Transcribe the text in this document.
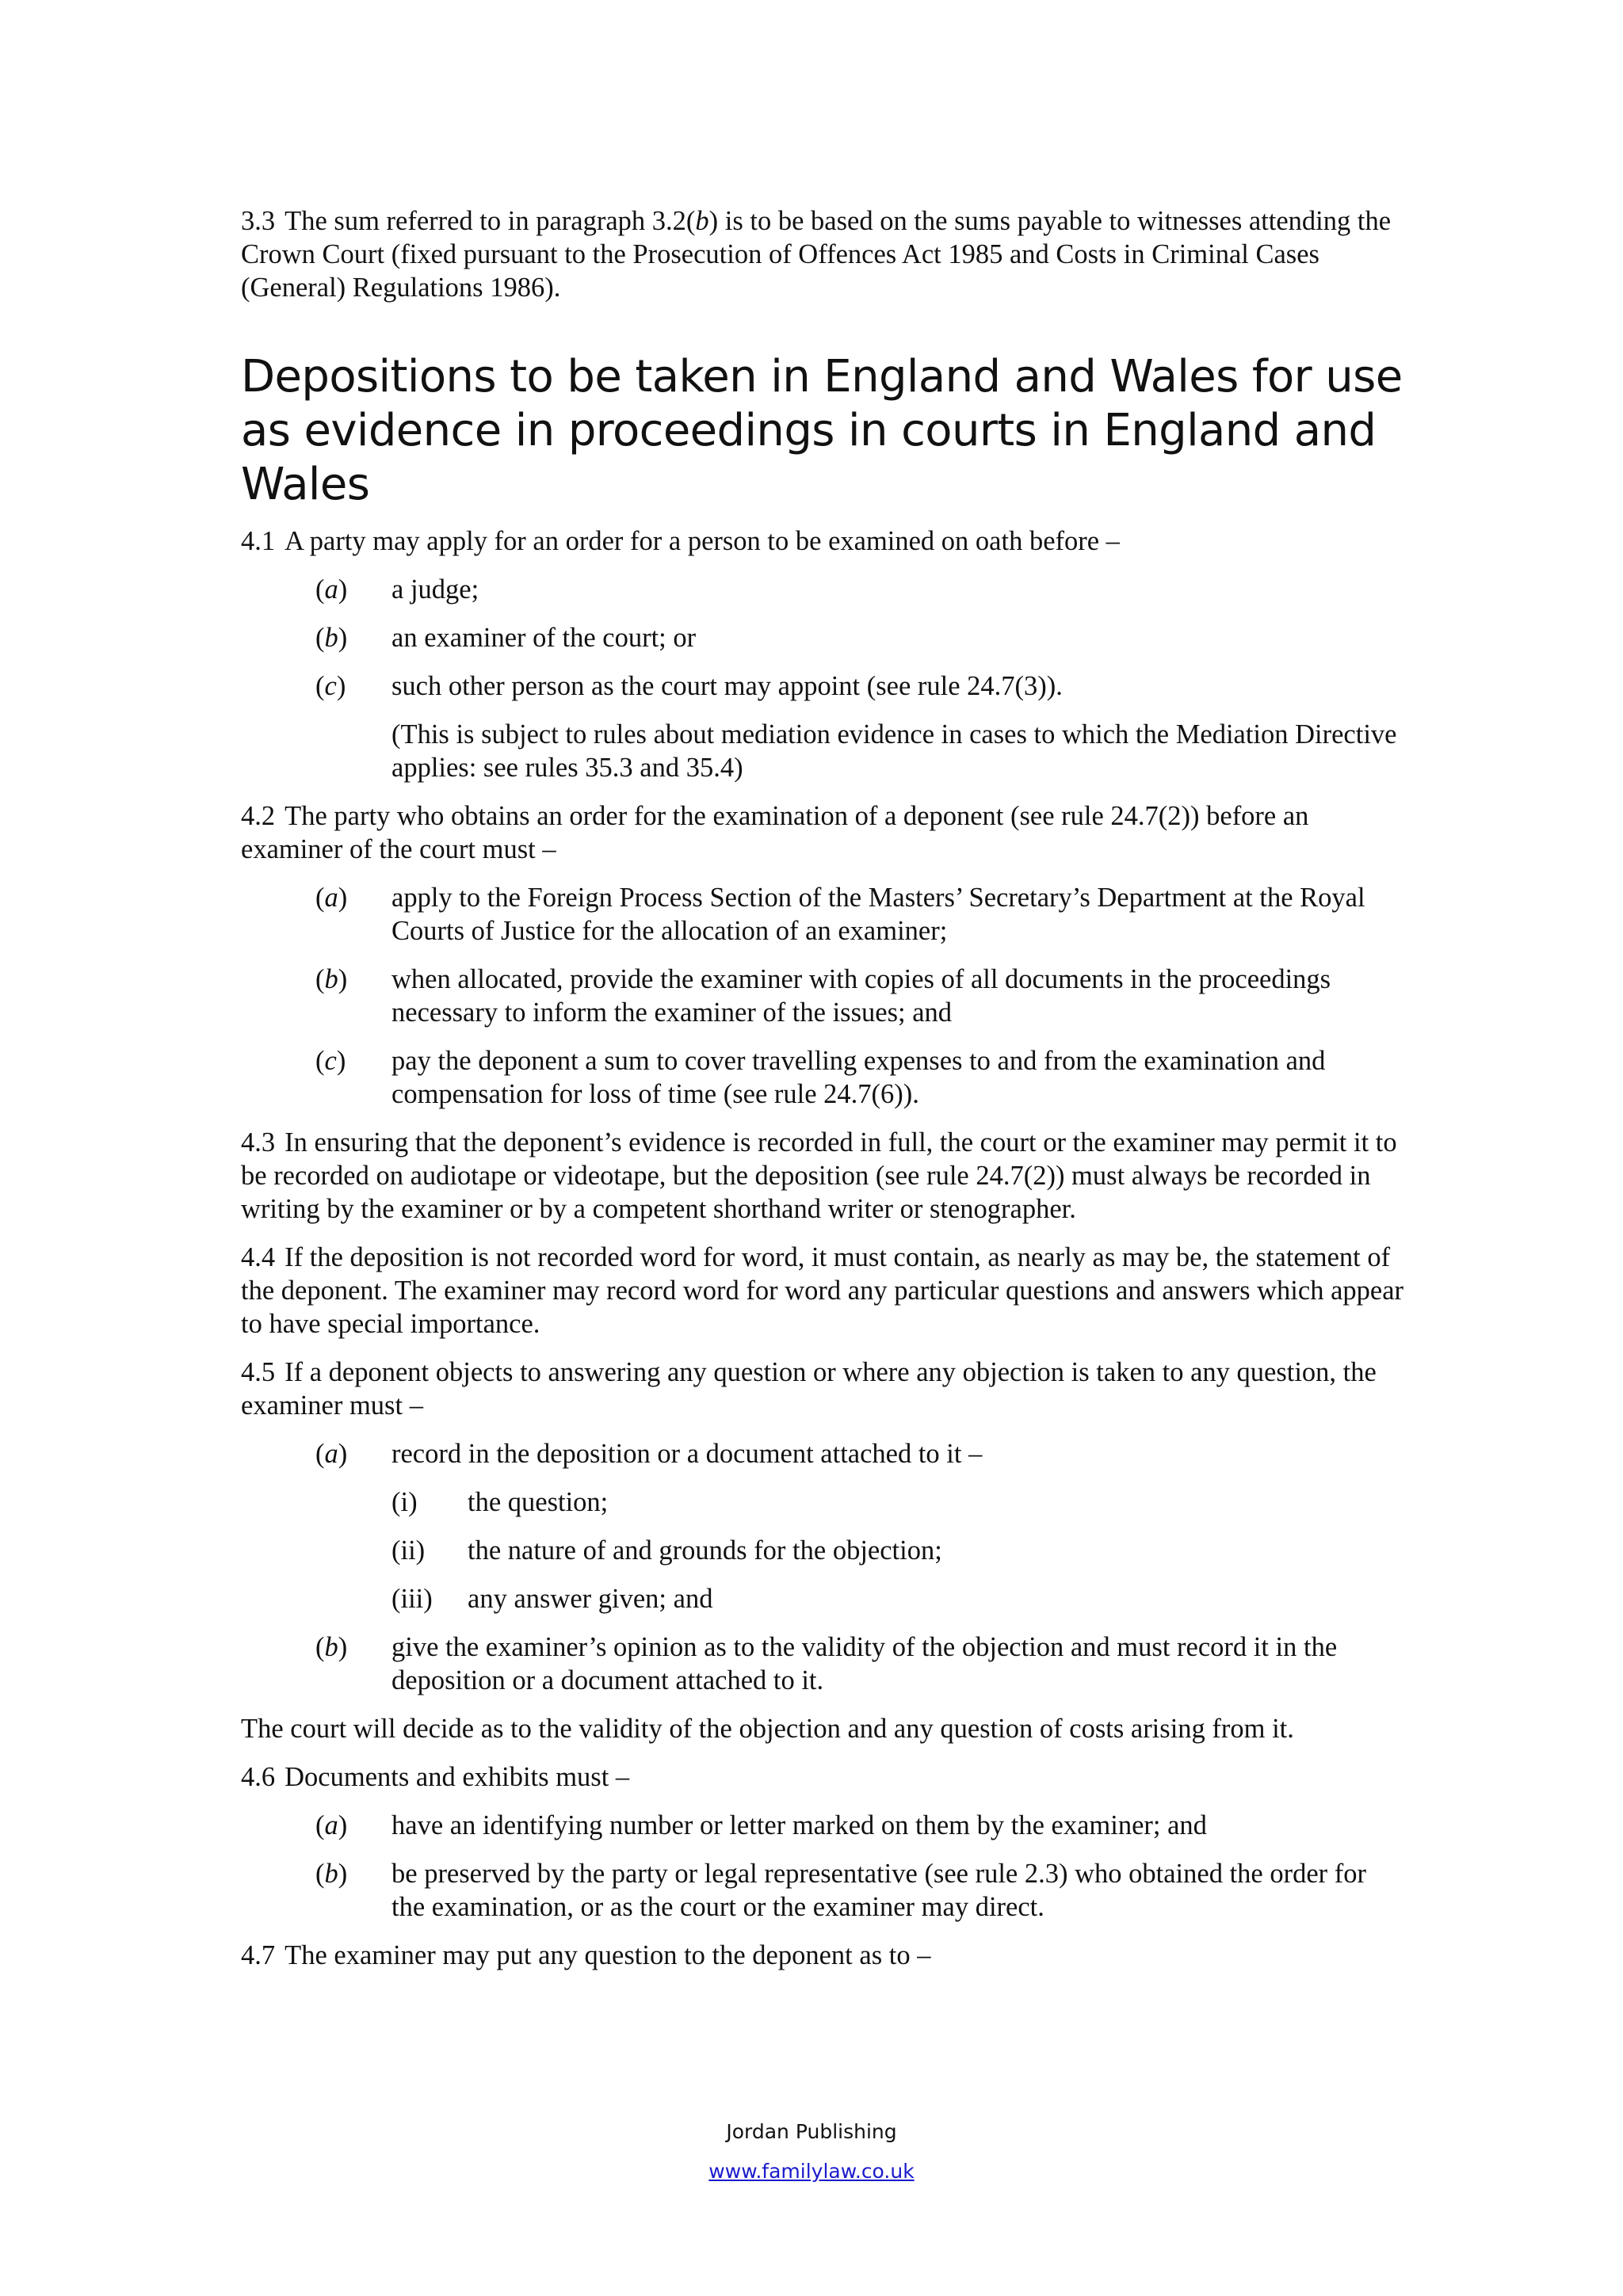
3.3 The sum referred to in paragraph 3.2(b) is to be based on the sums payable to witnesses attending the Crown Court (fixed pursuant to the Prosecution of Offences Act 1985 and Costs in Criminal Cases (General) Regulations 1986).

Depositions to be taken in England and Wales for use as evidence in proceedings in courts in England and Wales

4.1 A party may apply for an order for a person to be examined on oath before –

(a)	a judge;
(b)	an examiner of the court; or
(c)	such other person as the court may appoint (see rule 24.7(3)).

(This is subject to rules about mediation evidence in cases to which the Mediation Directive applies: see rules 35.3 and 35.4)

4.2 The party who obtains an order for the examination of a deponent (see rule 24.7(2)) before an examiner of the court must –

(a)	apply to the Foreign Process Section of the Masters’ Secretary’s Department at the Royal Courts of Justice for the allocation of an examiner;
(b)	when allocated, provide the examiner with copies of all documents in the proceedings necessary to inform the examiner of the issues; and
(c)	pay the deponent a sum to cover travelling expenses to and from the examination and compensation for loss of time (see rule 24.7(6)).

4.3 In ensuring that the deponent’s evidence is recorded in full, the court or the examiner may permit it to be recorded on audiotape or videotape, but the deposition (see rule 24.7(2)) must always be recorded in writing by the examiner or by a competent shorthand writer or stenographer.

4.4 If the deposition is not recorded word for word, it must contain, as nearly as may be, the statement of the deponent. The examiner may record word for word any particular questions and answers which appear to have special importance.

4.5 If a deponent objects to answering any question or where any objection is taken to any question, the examiner must –

(a)	record in the deposition or a document attached to it –
(i)	the question;
(ii)	the nature of and grounds for the objection;
(iii)	any answer given; and
(b)	give the examiner’s opinion as to the validity of the objection and must record it in the deposition or a document attached to it.

The court will decide as to the validity of the objection and any question of costs arising from it.

4.6 Documents and exhibits must –

(a)	have an identifying number or letter marked on them by the examiner; and
(b)	be preserved by the party or legal representative (see rule 2.3) who obtained the order for the examination, or as the court or the examiner may direct.

4.7 The examiner may put any question to the deponent as to –

Jordan Publishing
www.familylaw.co.uk
